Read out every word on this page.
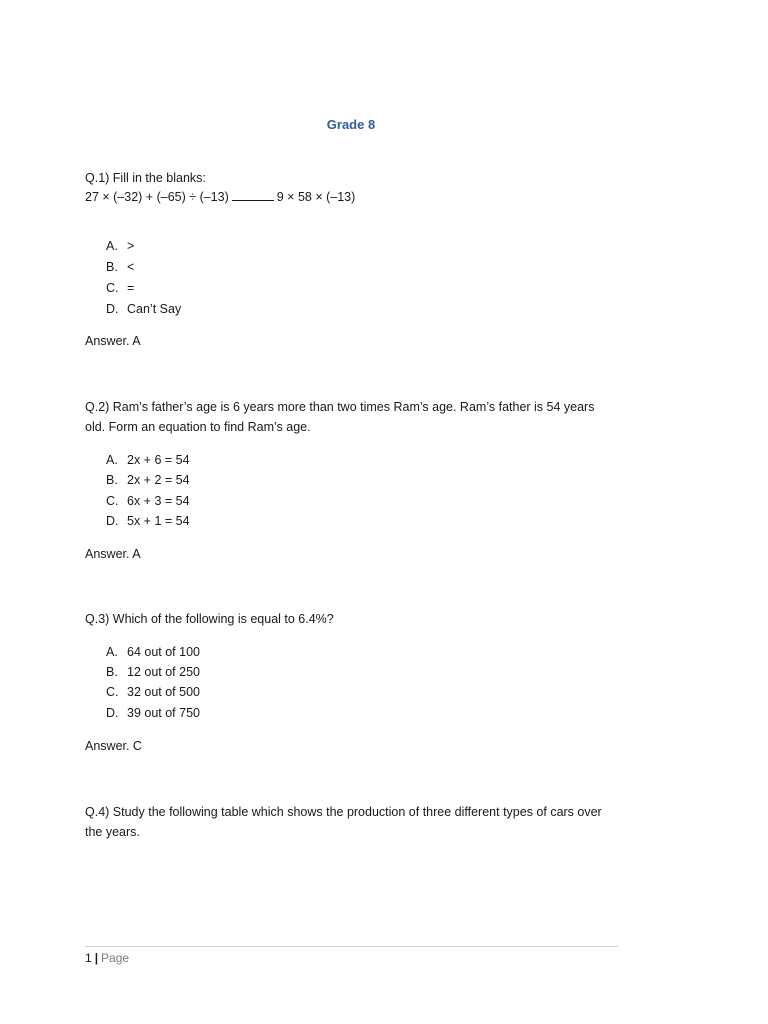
Grade 8
Q.1) Fill in the blanks:
27 × (–32) + (–65) ÷ (–13)	9 × 58 × (–13)
A. >
B. <
C. =
D. Can’t Say
Answer. A
Q.2) Ram’s father’s age is 6 years more than two times Ram’s age. Ram’s father is 54 years old. Form an equation to find Ram’s age.
A. 2x + 6 = 54
B. 2x + 2 = 54
C. 6x + 3 = 54
D. 5x + 1 = 54
Answer. A
Q.3) Which of the following is equal to 6.4%?
A. 64 out of 100
B. 12 out of 250
C. 32 out of 500
D. 39 out of 750
Answer. C
Q.4) Study the following table which shows the production of three different types of cars over the years.
1 | Page
